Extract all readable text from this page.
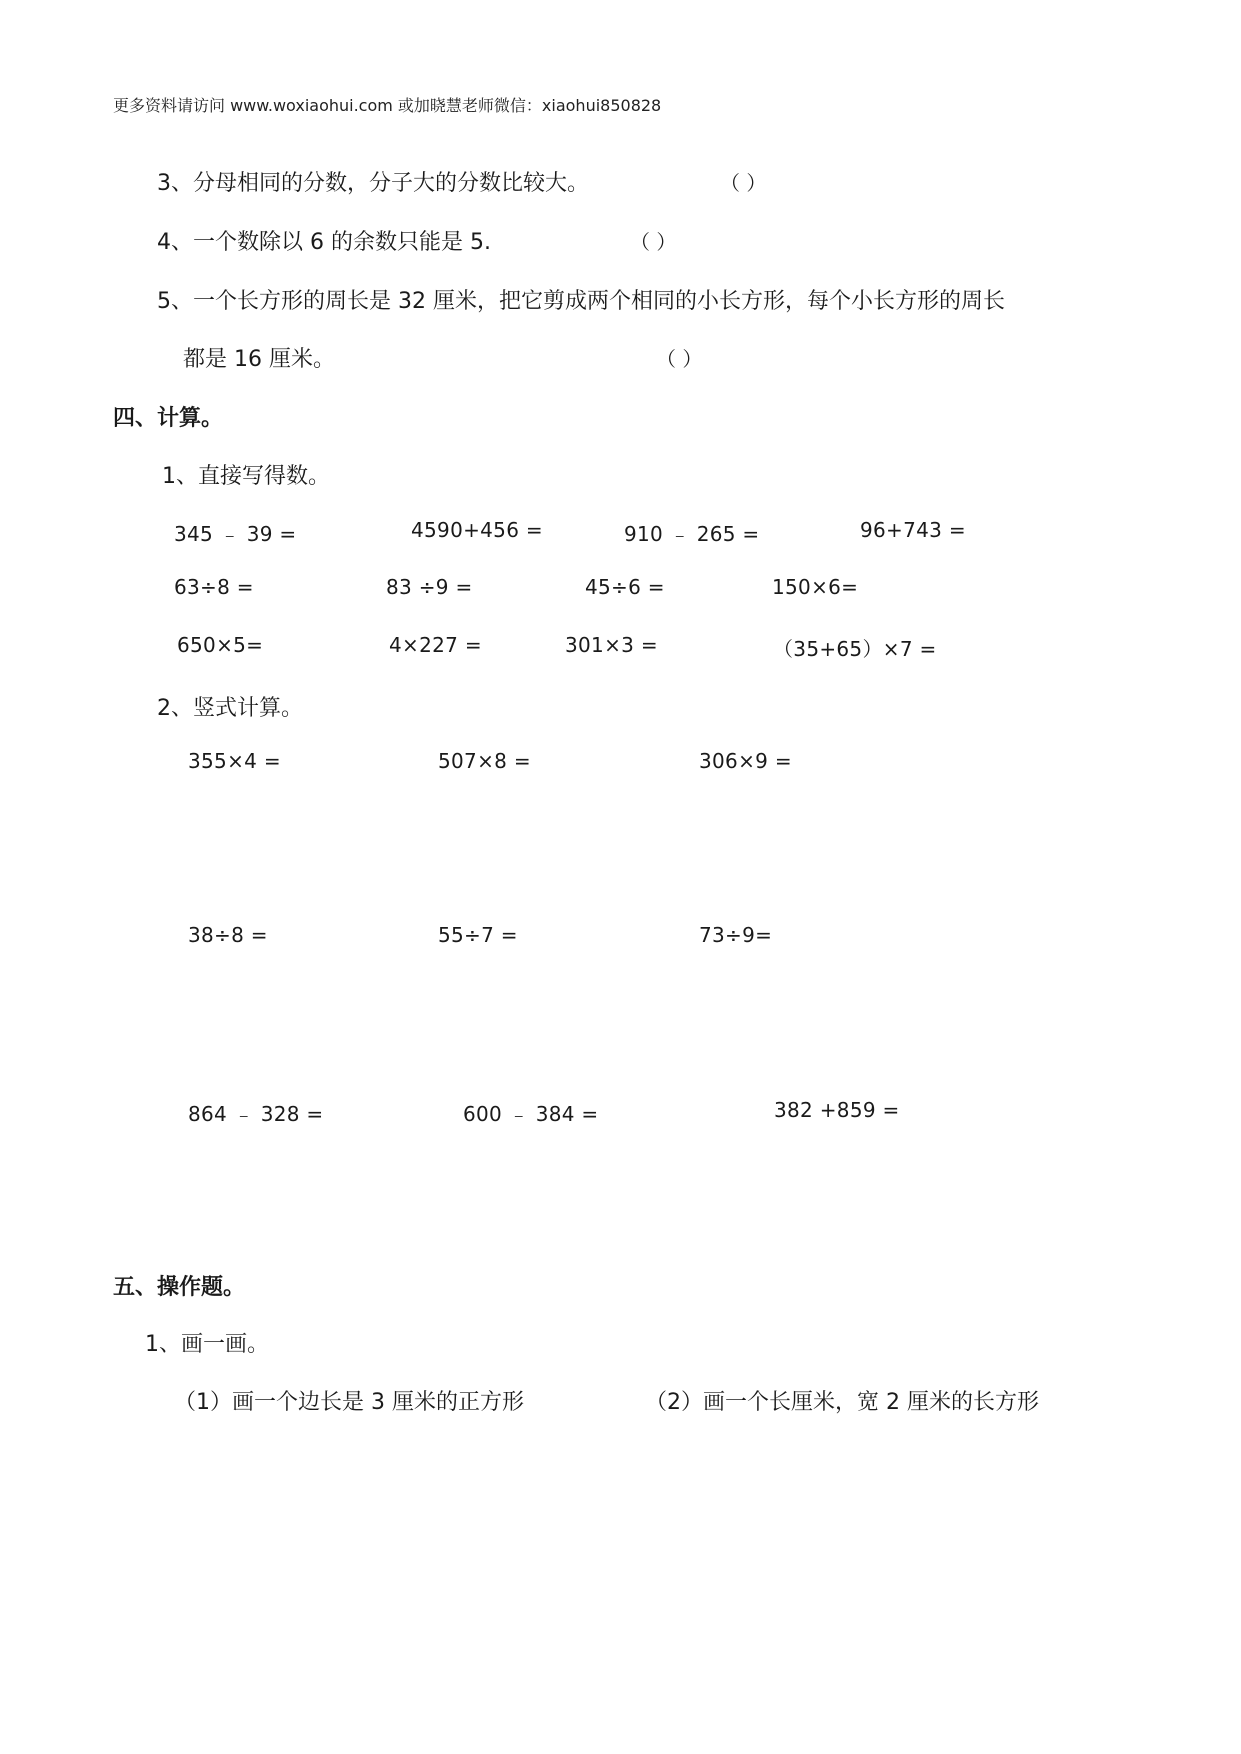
更多资料请访问 www.woxiaohui.com 或加晓慧老师微信：xiaohui850828
3、分母相同的分数，分子大的分数比较大。	（ ）
4、一个数除以 6 的余数只能是 5.	（ ）
5、一个长方形的周长是 32 厘米，把它剪成两个相同的小长方形，每个小长方形的周长
都是 16 厘米。	（ ）
四、计算。
1、直接写得数。
345 ﹣ 39 =	4590+456 =	910 ﹣ 265 =	96+743 =
63÷8 =	83 ÷9 =	45÷6 =	150×6=
650×5=	4×227 =	301×3 =	（35+65）×7 =
2、竖式计算。
355×4 =	507×8 =	306×9 =
38÷8 =	55÷7 =	73÷9=
864 ﹣ 328 =	600 ﹣ 384 =	382 +859 =
五、操作题。
1、画一画。
（1）画一个边长是 3 厘米的正方形	（2）画一个长厘米，宽 2 厘米的长方形
